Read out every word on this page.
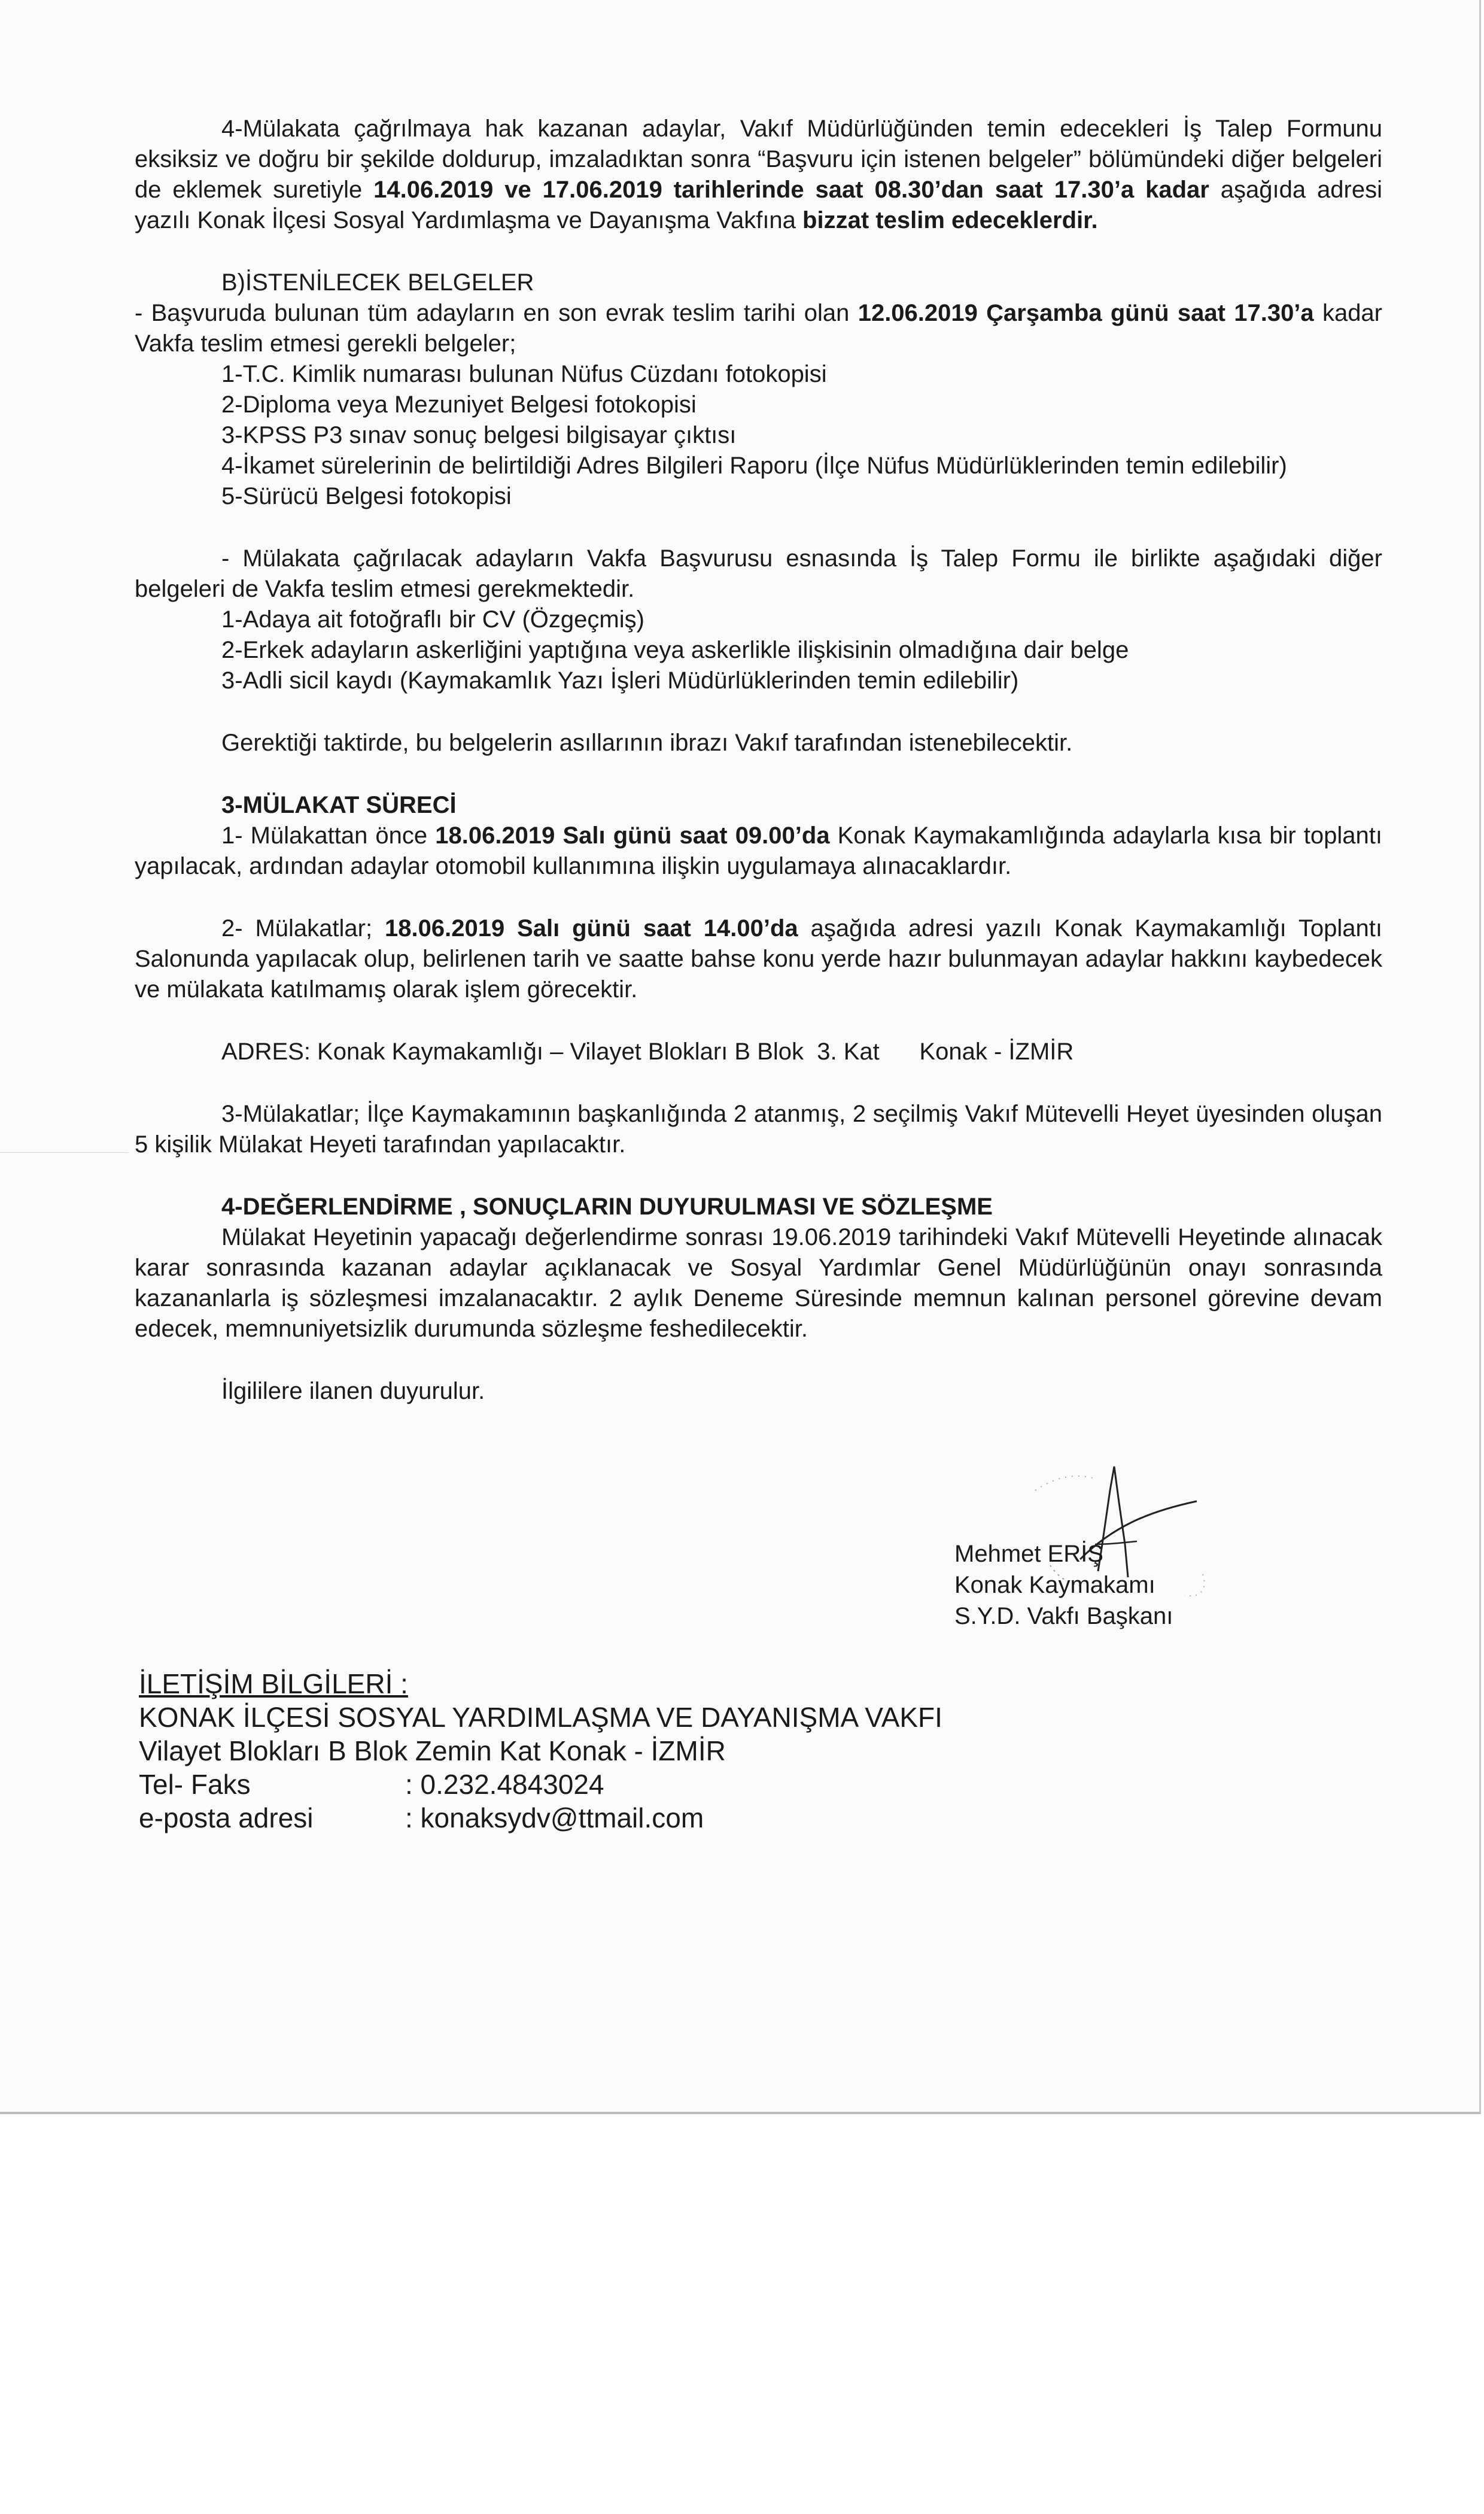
4-Mülakata çağrılmaya hak kazanan adaylar, Vakıf Müdürlüğünden temin edecekleri İş Talep Formunu eksiksiz ve doğru bir şekilde doldurup, imzaladıktan sonra “Başvuru için istenen belgeler” bölümündeki diğer belgeleri de eklemek suretiyle 14.06.2019 ve 17.06.2019 tarihlerinde saat 08.30’dan saat 17.30’a kadar aşağıda adresi yazılı Konak İlçesi Sosyal Yardımlaşma ve Dayanışma Vakfına bizzat teslim edeceklerdir.

B)İSTENİLECEK BELGELER

- Başvuruda bulunan tüm adayların en son evrak teslim tarihi olan 12.06.2019 Çarşamba günü saat 17.30’a kadar Vakfa teslim etmesi gerekli belgeler;

1-T.C. Kimlik numarası bulunan Nüfus Cüzdanı fotokopisi

2-Diploma veya Mezuniyet Belgesi fotokopisi

3-KPSS P3 sınav sonuç belgesi bilgisayar çıktısı

4-İkamet sürelerinin de belirtildiği Adres Bilgileri Raporu (İlçe Nüfus Müdürlüklerinden temin edilebilir)

5-Sürücü Belgesi fotokopisi

- Mülakata çağrılacak adayların Vakfa Başvurusu esnasında İş Talep Formu ile birlikte aşağıdaki diğer belgeleri de Vakfa teslim etmesi gerekmektedir.

1-Adaya ait fotoğraflı bir CV (Özgeçmiş)

2-Erkek adayların askerliğini yaptığına veya askerlikle ilişkisinin olmadığına dair belge

3-Adli sicil kaydı (Kaymakamlık Yazı İşleri Müdürlüklerinden temin edilebilir)

Gerektiği taktirde, bu belgelerin asıllarının ibrazı Vakıf tarafından istenebilecektir.

3-MÜLAKAT SÜRECİ

1- Mülakattan önce 18.06.2019 Salı günü saat 09.00’da Konak Kaymakamlığında adaylarla kısa bir toplantı yapılacak, ardından adaylar otomobil kullanımına ilişkin uygulamaya alınacaklardır.

2- Mülakatlar; 18.06.2019 Salı günü saat 14.00’da aşağıda adresi yazılı Konak Kaymakamlığı Toplantı Salonunda yapılacak olup, belirlenen tarih ve saatte bahse konu yerde hazır bulunmayan adaylar hakkını kaybedecek ve mülakata katılmamış olarak işlem görecektir.

ADRES: Konak Kaymakamlığı – Vilayet Blokları B Blok  3. Kat      Konak - İZMİR

3-Mülakatlar; İlçe Kaymakamının başkanlığında 2 atanmış, 2 seçilmiş Vakıf Mütevelli Heyet üyesinden oluşan 5 kişilik Mülakat Heyeti tarafından yapılacaktır.

4-DEĞERLENDİRME , SONUÇLARIN DUYURULMASI VE SÖZLEŞME

Mülakat Heyetinin yapacağı değerlendirme sonrası 19.06.2019 tarihindeki Vakıf Mütevelli Heyetinde alınacak karar sonrasında kazanan adaylar açıklanacak ve Sosyal Yardımlar Genel Müdürlüğünün onayı sonrasında kazananlarla iş sözleşmesi imzalanacaktır. 2 aylık Deneme Süresinde memnun kalınan personel görevine devam edecek, memnuniyetsizlik durumunda sözleşme feshedilecektir.

İlgililere ilanen duyurulur.

Mehmet ERİŞ
Konak Kaymakamı
S.Y.D. Vakfı Başkanı
İLETİŞİM BİLGİLERİ :
KONAK İLÇESİ SOSYAL YARDIMLAŞMA VE DAYANIŞMA VAKFI
Vilayet Blokları B Blok Zemin Kat Konak - İZMİR
Tel- Faks	: 0.232.4843024
e-posta adresi	: konaksydv@ttmail.com
